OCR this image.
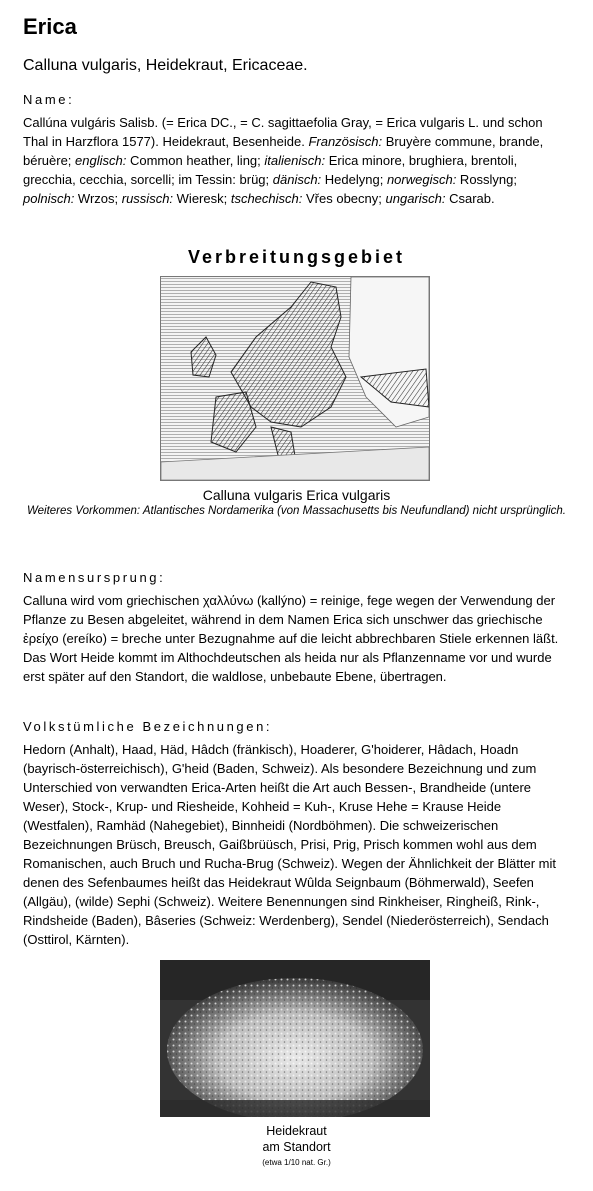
Erica

Calluna vulgaris, Heidekraut, Ericaceae.

Name:

Callúna vulgáris Salisb. (= Erica DC., = C. sagittaefolia Gray, = Erica vulgaris L. und schon Thal in Harzflora 1577). Heidekraut, Besenheide. Französisch: Bruyère commune, brande, béruère; englisch: Common heather, ling; italienisch: Erica minore, brughiera, brentoli, grecchia, cecchia, sorcelli; im Tessin: brüg; dänisch: Hedelyng; norwegisch: Rosslyng; polnisch: Wrzos; russisch: Wieresk; tschechisch: Vřes obecny; ungarisch: Csarab.

Verbreitungsgebiet
Calluna vulgaris Erica vulgaris
Weiteres Vorkommen: Atlantisches Nordamerika (von Massachusetts bis Neufundland) nicht ursprünglich.

Namensursprung:

Calluna wird vom griechischen χαλλύνω (kallýno) = reinige, fege wegen der Verwendung der Pflanze zu Besen abgeleitet, während in dem Namen Erica sich unschwer das griechische ἐρείχο (ereíko) = breche unter Bezugnahme auf die leicht abbrechbaren Stiele erkennen läßt. Das Wort Heide kommt im Althochdeutschen als heida nur als Pflanzenname vor und wurde erst später auf den Standort, die waldlose, unbebaute Ebene, übertragen.

Volkstümliche Bezeichnungen:

Hedorn (Anhalt), Haad, Häd, Hâdch (fränkisch), Hoaderer, G'hoiderer, Hâdach, Hoadn (bayrisch-österreichisch), G'heid (Baden, Schweiz). Als besondere Bezeichnung und zum Unterschied von verwandten Erica-Arten heißt die Art auch Bessen-, Brandheide (untere Weser), Stock-, Krup- und Riesheide, Kohheid = Kuh-, Kruse Hehe = Krause Heide (Westfalen), Ramhäd (Nahegebiet), Binnheidi (Nordböhmen). Die schweizerischen Bezeichnungen Brüsch, Breusch, Gaißbrüüsch, Prisi, Prig, Prisch kommen wohl aus dem Romanischen, auch Bruch und Rucha-Brug (Schweiz). Wegen der Ähnlichkeit der Blätter mit denen des Sefenbaumes heißt das Heidekraut Wûlda Seignbaum (Böhmerwald), Seefen (Allgäu), (wilde) Sephi (Schweiz). Weitere Benennungen sind Rinkheiser, Ringheiß, Rink-, Rindsheide (Baden), Bâseries (Schweiz: Werdenberg), Sendel (Niederösterreich), Sendach (Osttirol, Kärnten).

Heidekraut
am Standort
(etwa 1/10 nat. Gr.)
